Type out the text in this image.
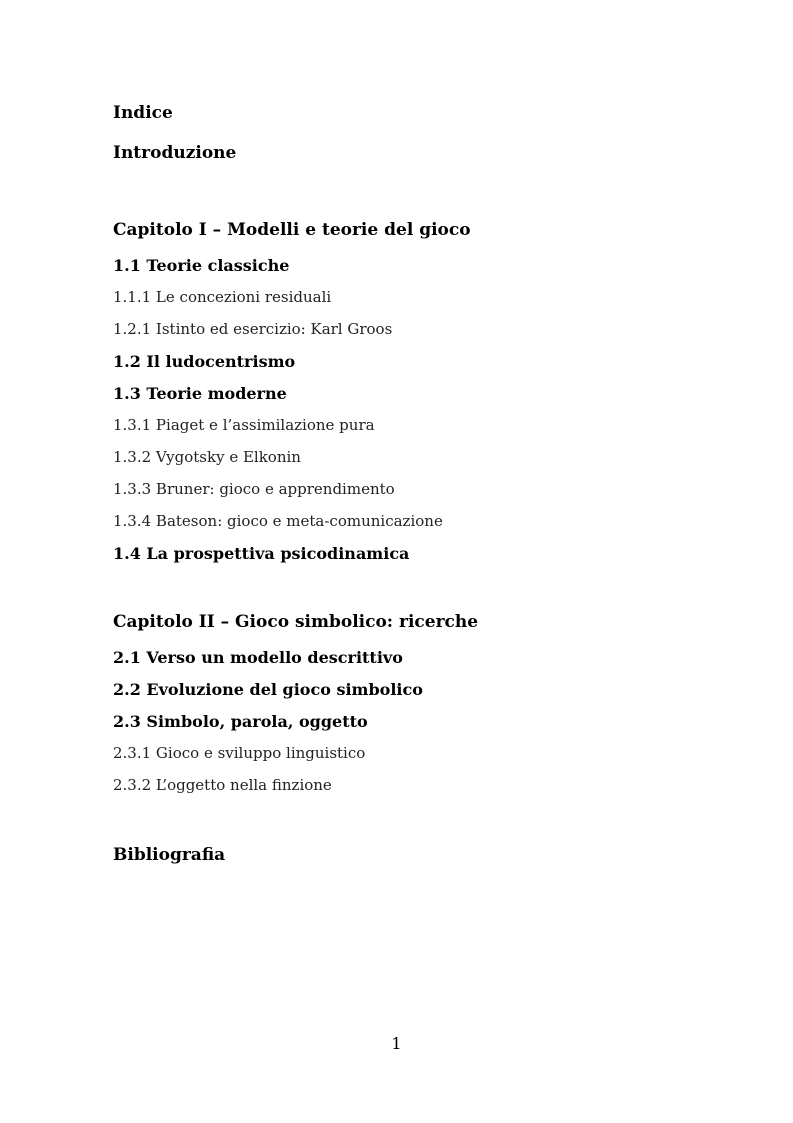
Indice
Introduzione
Capitolo I – Modelli e teorie del gioco
1.1 Teorie classiche
1.1.1 Le concezioni residuali
1.2.1 Istinto ed esercizio: Karl Groos
1.2 Il ludocentrismo
1.3 Teorie moderne
1.3.1 Piaget e l’assimilazione pura
1.3.2 Vygotsky e Elkonin
1.3.3 Bruner: gioco e apprendimento
1.3.4 Bateson: gioco e meta-comunicazione
1.4 La prospettiva psicodinamica
Capitolo II – Gioco simbolico: ricerche
2.1 Verso un modello descrittivo
2.2 Evoluzione del gioco simbolico
2.3 Simbolo, parola, oggetto
2.3.1 Gioco e sviluppo linguistico
2.3.2 L’oggetto nella finzione
Bibliografia
1
